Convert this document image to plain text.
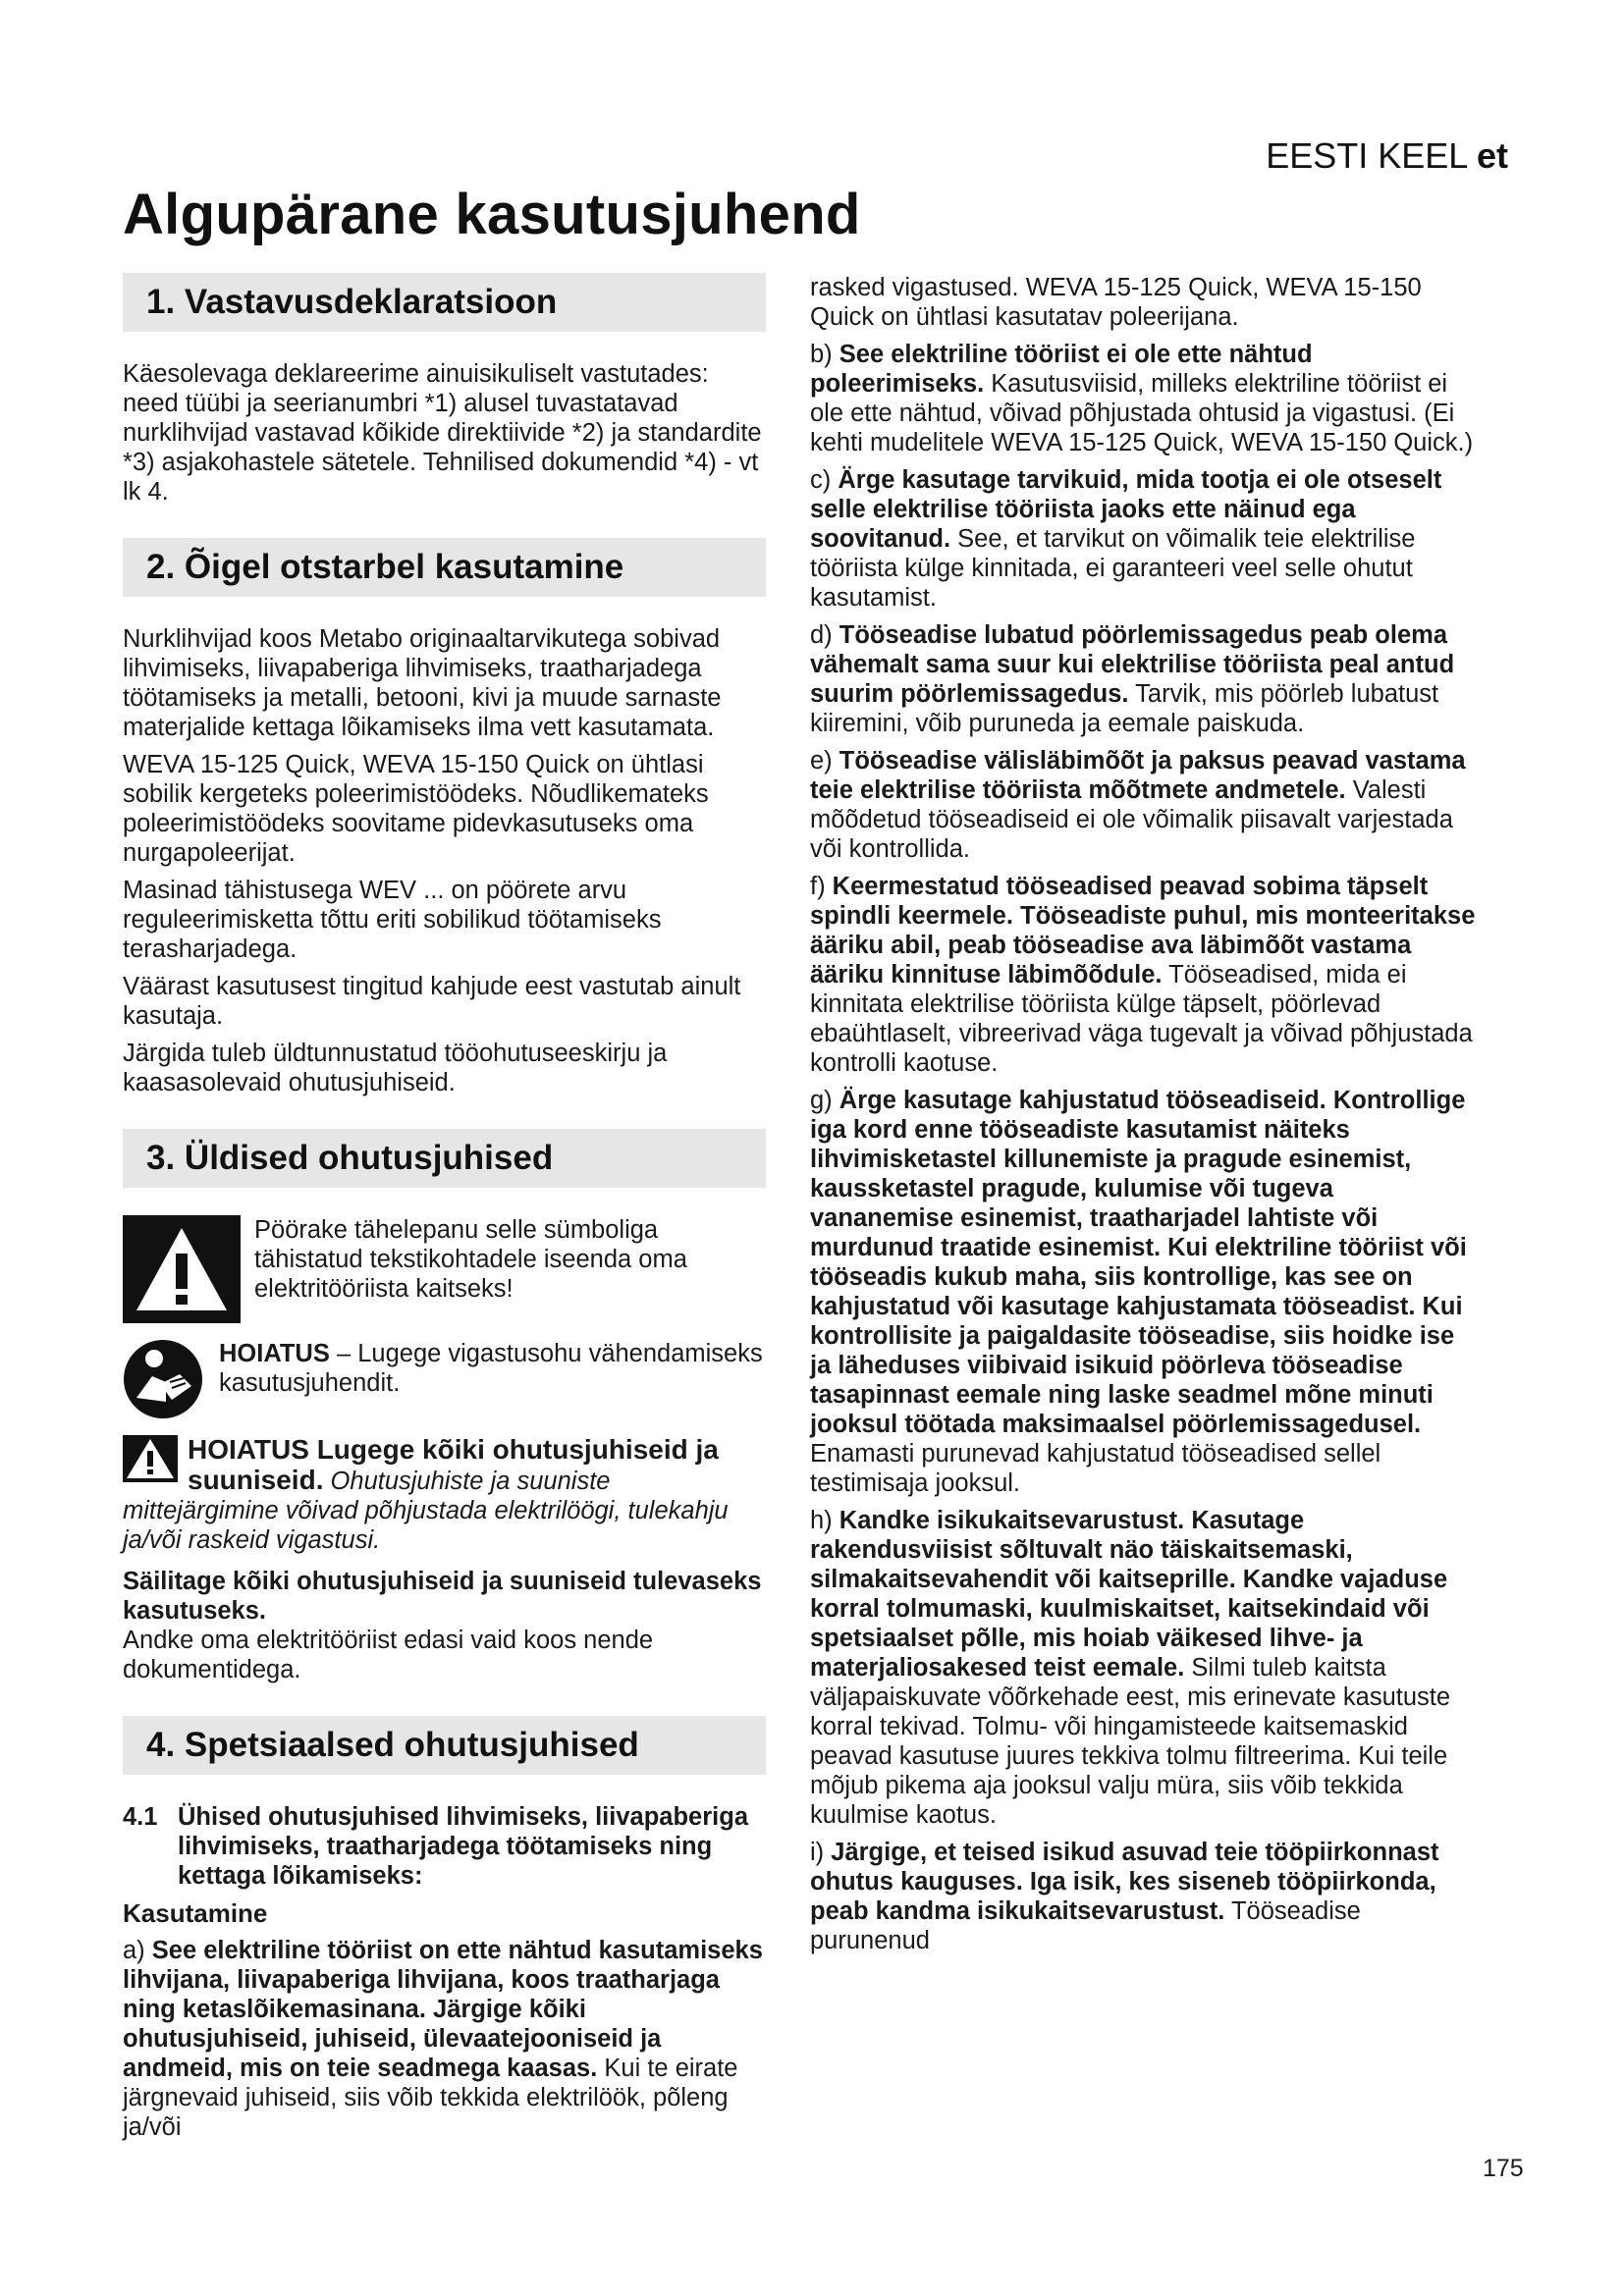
EESTI KEEL et
Algupärane kasutusjuhend
1. Vastavusdeklaratsioon
Käesolevaga deklareerime ainuisikuliselt vastutades: need tüübi ja seerianumbri *1) alusel tuvastatavad nurklihvijad vastavad kõikide direktiivide *2) ja standardite *3) asjakohastele sätetele. Tehnilised dokumendid *4) - vt lk 4.
2. Õigel otstarbel kasutamine
Nurklihvijad koos Metabo originaaltarvikutega sobivad lihvimiseks, liivapaberiga lihvimiseks, traatharjadega töötamiseks ja metalli, betooni, kivi ja muude sarnaste materjalide kettaga lõikamiseks ilma vett kasutamata.
WEVA 15-125 Quick, WEVA 15-150 Quick on ühtlasi sobilik kergeteks poleerimistöödeks. Nõudlikemateks poleerimistöödeks soovitame pidevkasutuseks oma nurgapoleerijat.
Masinad tähistusega WEV ... on pöörete arvu reguleerimisketta tõttu eriti sobilikud töötamiseks terasharjadega.
Väärast kasutusest tingitud kahjude eest vastutab ainult kasutaja.
Järgida tuleb üldtunnustatud tööohutuseeskirju ja kaasasolevaid ohutusjuhiseid.
3. Üldised ohutusjuhised
Pöörake tähelepanu selle sümboliga tähistatud tekstikohtadele iseenda oma elektritööriista kaitseks!
HOIATUS – Lugege vigastusohu vähendamiseks kasutusjuhendit.
HOIATUS Lugege kõiki ohutusjuhiseid ja suuniseid. Ohutusjuhiste ja suuniste mittejärgimine võivad põhjustada elektrilöögi, tulekahju ja/või raskeid vigastusi.
Säilitage kõiki ohutusjuhiseid ja suuniseid tulevaseks kasutuseks.
Andke oma elektritööriist edasi vaid koos nende dokumentidega.
4. Spetsiaalsed ohutusjuhised
4.1 Ühised ohutusjuhised lihvimiseks, liivapaberiga lihvimiseks, traatharjadega töötamiseks ning kettaga lõikamiseks:
Kasutamine
a) See elektriline tööriist on ette nähtud kasutamiseks lihvijana, liivapaberiga lihvijana, koos traatharjaga ning ketaslõikemasinana. Järgige kõiki ohutusjuhiseid, juhiseid, ülevaatejooniseid ja andmeid, mis on teie seadmega kaasas. Kui te eirate järgnevaid juhiseid, siis võib tekkida elektrilöök, põleng ja/või
rasked vigastused. WEVA 15-125 Quick, WEVA 15-150 Quick on ühtlasi kasutatav poleerijana.
b) See elektriline tööriist ei ole ette nähtud poleerimiseks. Kasutusviisid, milleks elektriline tööriist ei ole ette nähtud, võivad põhjustada ohtusid ja vigastusi. (Ei kehti mudelitele WEVA 15-125 Quick, WEVA 15-150 Quick.)
c) Ärge kasutage tarvikuid, mida tootja ei ole otseselt selle elektrilise tööriista jaoks ette näinud ega soovitanud. See, et tarvikut on võimalik teie elektrilise tööriista külge kinnitada, ei garanteeri veel selle ohutut kasutamist.
d) Tööseadise lubatud pöörlemissagedus peab olema vähemalt sama suur kui elektrilise tööriista peal antud suurim pöörlemissagedus. Tarvik, mis pöörleb lubatust kiiremini, võib puruneda ja eemale paiskuda.
e) Tööseadise välisläbimõõt ja paksus peavad vastama teie elektrilise tööriista mõõtmete andmetele. Valesti mõõdetud tööseadiseid ei ole võimalik piisavalt varjestada või kontrollida.
f) Keermestatud tööseadised peavad sobima täpselt spindli keermele. Tööseadiste puhul, mis monteeritakse ääriku abil, peab tööseadise ava läbimõõt vastama ääriku kinnituse läbimõõdule. Tööseadised, mida ei kinnitata elektrilise tööriista külge täpselt, pöörlevad ebaühtlaselt, vibreerivad väga tugevalt ja võivad põhjustada kontrolli kaotuse.
g) Ärge kasutage kahjustatud tööseadiseid. Kontrollige iga kord enne tööseadiste kasutamist näiteks lihvimisketastel killunemiste ja pragude esinemist, kaussketastel pragude, kulumise või tugeva vananemise esinemist, traatharjadel lahtiste või murdunud traatide esinemist. Kui elektriline tööriist või tööseadis kukub maha, siis kontrollige, kas see on kahjustatud või kasutage kahjustamata tööseadist. Kui kontrollisite ja paigaldasite tööseadise, siis hoidke ise ja läheduses viibivaid isikuid pöörleva tööseadise tasapinnast eemale ning laske seadmel mõne minuti jooksul töötada maksimaalsel pöörlemissagedusel. Enamasti purunevad kahjustatud tööseadised sellel testimisaja jooksul.
h) Kandke isikukaitsevarustust. Kasutage rakendusviisist sõltuvalt näo täiskaitsemaski, silmakaitsevahendit või kaitseprille. Kandke vajaduse korral tolmumaski, kuulmiskaitset, kaitsekindaid või spetsiaalset põlle, mis hoiab väikesed lihve- ja materjaliosakesed teist eemale. Silmi tuleb kaitsta väljapaiskuvate võõrkehade eest, mis erinevate kasutuste korral tekivad. Tolmu- või hingamisteede kaitsemaskid peavad kasutuse juures tekkiva tolmu filtreerima. Kui teile mõjub pikema aja jooksul valju müra, siis võib tekkida kuulmise kaotus.
i) Järgige, et teised isikud asuvad teie tööpiirkonnast ohutus kauguses. Iga isik, kes siseneb tööpiirkonda, peab kandma isikukaitsevarustust. Tööseadise purunenud
175
